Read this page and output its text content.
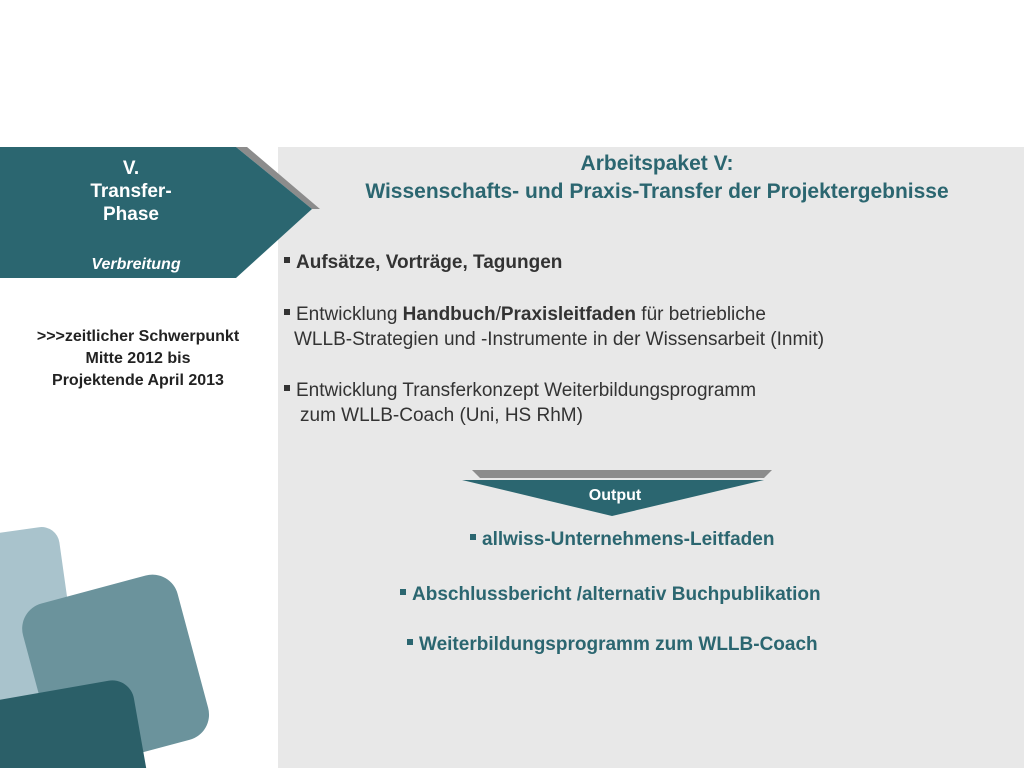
V.
Transfer-
Phase
Verbreitung
>>>zeitlicher Schwerpunkt
Mitte 2012 bis
Projektende April 2013
Arbeitspaket V:
Wissenschafts- und Praxis-Transfer der Projektergebnisse
Aufsätze, Vorträge, Tagungen
Entwicklung Handbuch/Praxisleitfaden für betriebliche
WLLB-Strategien und -Instrumente in der Wissensarbeit (Inmit)
Entwicklung Transferkonzept Weiterbildungsprogramm
zum WLLB-Coach (Uni, HS RhM)
Output
allwiss-Unternehmens-Leitfaden
Abschlussbericht /alternativ Buchpublikation
Weiterbildungsprogramm zum WLLB-Coach
